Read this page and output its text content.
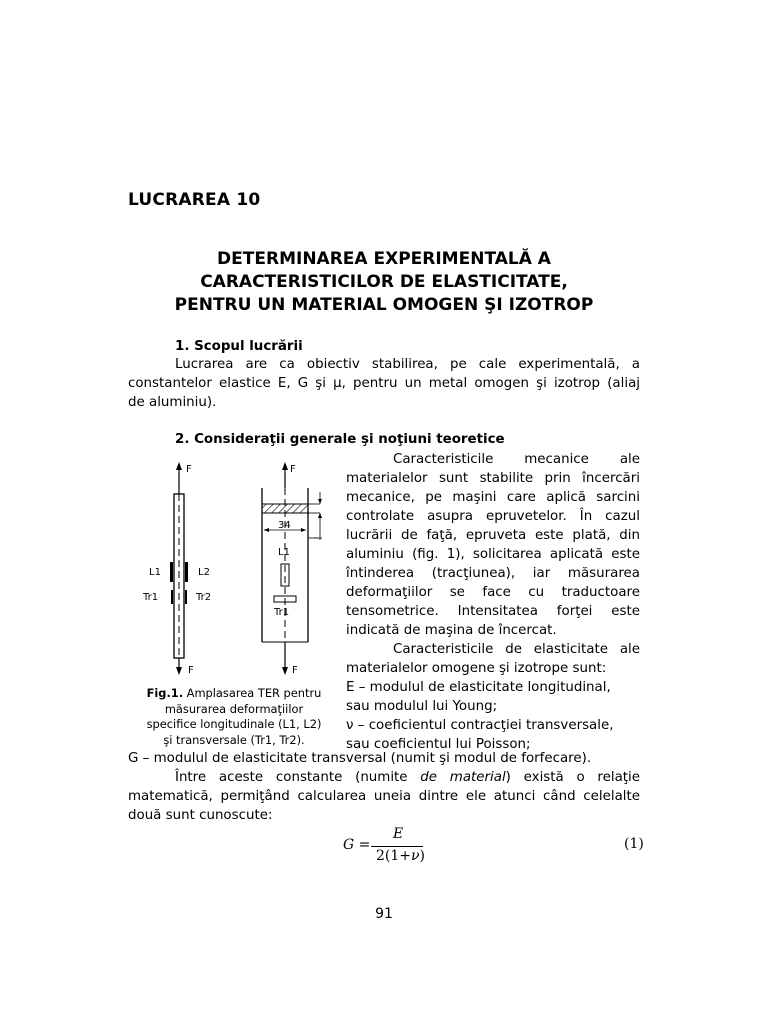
LUCRAREA 10
DETERMINAREA EXPERIMENTALĂ A
CARACTERISTICILOR DE ELASTICITATE,
PENTRU UN MATERIAL OMOGEN ŞI IZOTROP
1. Scopul lucrării
Lucrarea are ca obiectiv stabilirea, pe cale experimentală, a
constantelor elastice E, G şi μ, pentru un metal omogen şi izotrop (aliaj
de aluminiu).
2. Consideraţii generale şi noţiuni teoretice
Caracteristicile mecanice ale
materialelor sunt stabilite prin încercări
mecanice, pe maşini care aplică sarcini
controlate asupra epruvetelor. În cazul
lucrării de faţă, epruveta este plată, din
aluminiu (fig. 1), solicitarea aplicată este
întinderea (tracţiunea), iar măsurarea
deformaţiilor se face cu traductoare
tensometrice. Intensitatea forţei este
indicată de maşina de încercat.
Caracteristicile de elasticitate ale
materialelor omogene şi izotrope sunt:
E – modulul de elasticitate longitudinal,
sau modulul lui Young;
ν – coeficientul contracţiei transversale,
sau coeficientul lui Poisson;
F	F
F	F
L1	L2
Tr1	Tr2
L1
Tr1
34
Fig.1. Amplasarea TER pentru
măsurarea deformaţiilor
specifice longitudinale (L1, L2)
şi transversale (Tr1, Tr2).
G – modulul de elasticitate transversal (numit şi modul de forfecare).
Între aceste constante (numite de material) există o relaţie
matematică, permiţând calcularea uneia dintre ele atunci când celelalte
două sunt cunoscute:
G =
E
2(1+ν)
(1)
91
